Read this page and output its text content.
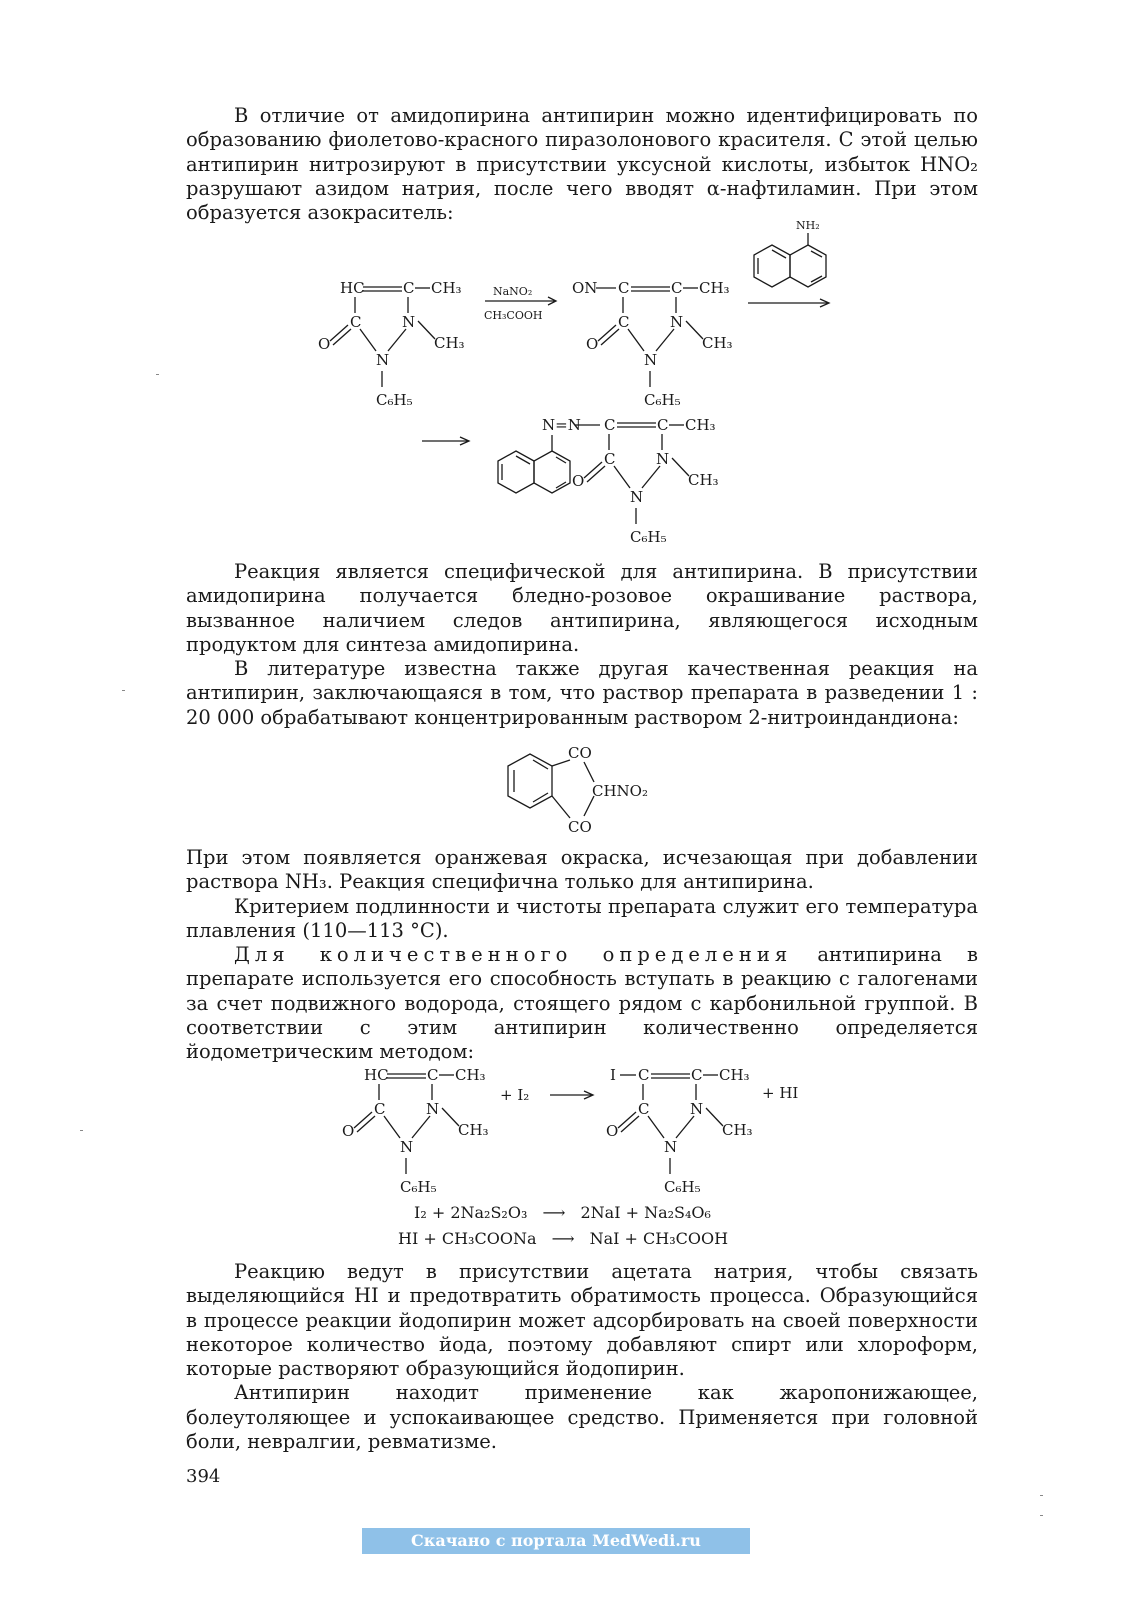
В отличие от амидопирина антипирин можно идентифицировать по образованию фиолетово-красного пиразолонового красителя. С этой целью антипирин нитрозируют в присутствии уксусной кислоты, избыток HNO₂ разрушают азидом натрия, после чего вводят α-нафтиламин. При этом образуется азокраситель:

HC	C CH₃
C	N
CH₃
O
N
C₆H₅
NaNO₂
CH₃COOH
ON C	C CH₃
C	N
CH₃
O
N
C₆H₅
NH₂
N=N C	C CH₃
C	N
CH₃
O
N
C₆H₅

Реакция является специфической для антипирина. В присутствии амидопирина получается бледно-розовое окрашивание раствора, вызванное наличием следов антипирина, являющегося исходным продуктом для синтеза амидопирина.

В литературе известна также другая качественная реакция на антипирин, заключающаяся в том, что раствор препарата в разведении 1 : 20 000 обрабатывают концентрированным раствором 2-нитроиндандиона:

CO
CO
CHNO₂

При этом появляется оранжевая окраска, исчезающая при добавлении раствора NH₃. Реакция специфична только для антипирина.

Критерием подлинности и чистоты препарата служит его температура плавления (110—113 °С).

Для количественного определения антипирина в препарате используется его способность вступать в реакцию с галогенами за счет подвижного водорода, стоящего рядом с карбонильной группой. В соответствии с этим антипирин количественно определяется йодометрическим методом:

HC	C CH₃
C	N
CH₃
O
N
C₆H₅
+ I₂
I C	C CH₃
C	N
CH₃
O
N
C₆H₅
+ HI
I₂ + 2Na₂S₂O₃ ⟶ 2NaI + Na₂S₄O₆
HI + CH₃COONa ⟶ NaI + CH₃COOH

Реакцию ведут в присутствии ацетата натрия, чтобы связать выделяющийся HI и предотвратить обратимость процесса. Образующийся в процессе реакции йодопирин может адсорбировать на своей поверхности некоторое количество йода, поэтому добавляют спирт или хлороформ, которые растворяют образующийся йодопирин.

Антипирин находит применение как жаропонижающее, болеутоляющее и успокаивающее средство. Применяется при головной боли, невралгии, ревматизме.

394
Скачано с портала MedWedi.ru
